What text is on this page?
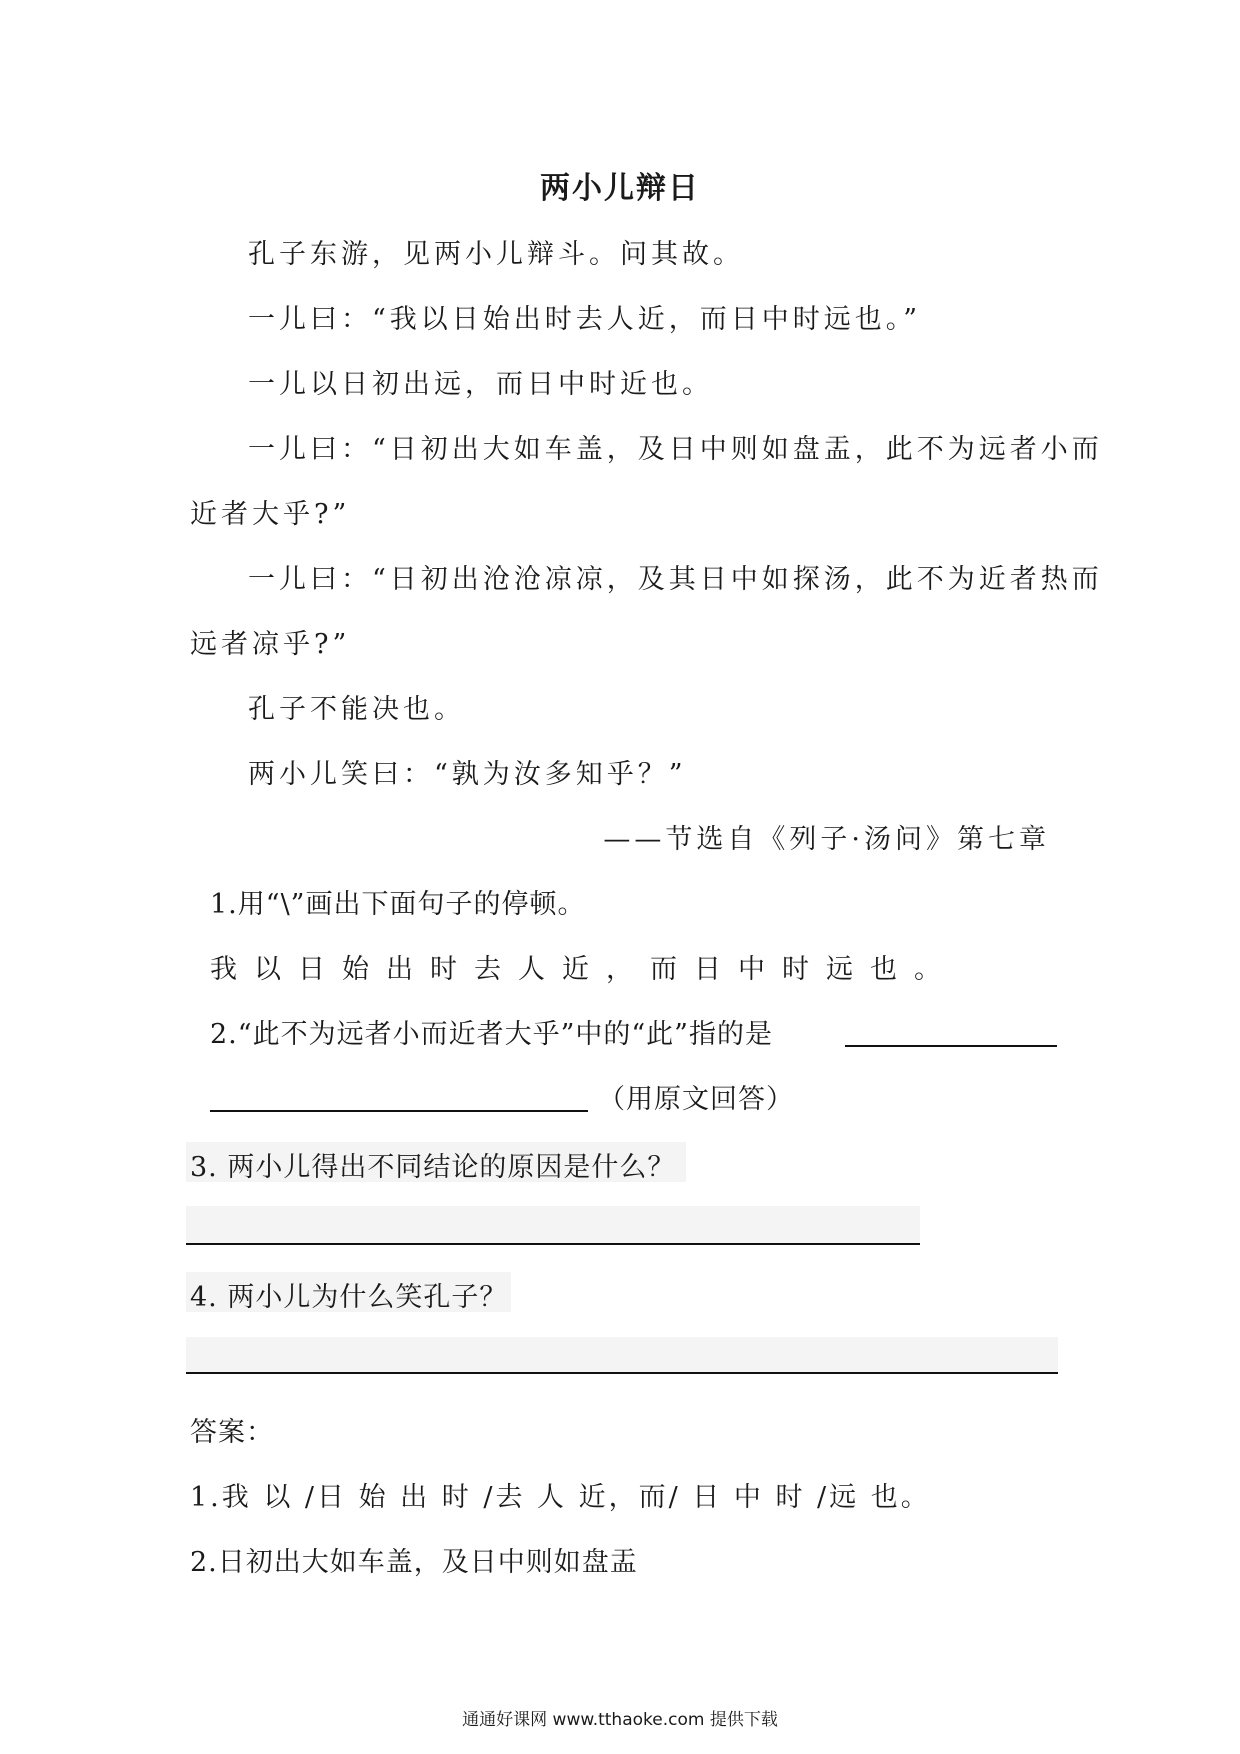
两小儿辩日
孔子东游，见两小儿辩斗。问其故。
一儿曰：“我以日始出时去人近，而日中时远也。”
一儿以日初出远，而日中时近也。
一儿曰：“日初出大如车盖，及日中则如盘盂，此不为远者小而
近者大乎?”
一儿曰：“日初出沧沧凉凉，及其日中如探汤，此不为近者热而
远者凉乎?”
孔子不能决也。
两小儿笑曰：“孰为汝多知乎？”
——节选自《列子·汤问》第七章
1.用“\”画出下面句子的停顿。
我以日始出时去人近，而日中时远也。
2.“此不为远者小而近者大乎”中的“此”指的是
（用原文回答）
3. 两小儿得出不同结论的原因是什么？
4. 两小儿为什么笑孔子？
答案：
1.我 以 /日 始 出 时 /去 人 近，而/ 日 中 时 /远 也。
2.日初出大如车盖，及日中则如盘盂
通通好课网 www.tthaoke.com 提供下载
